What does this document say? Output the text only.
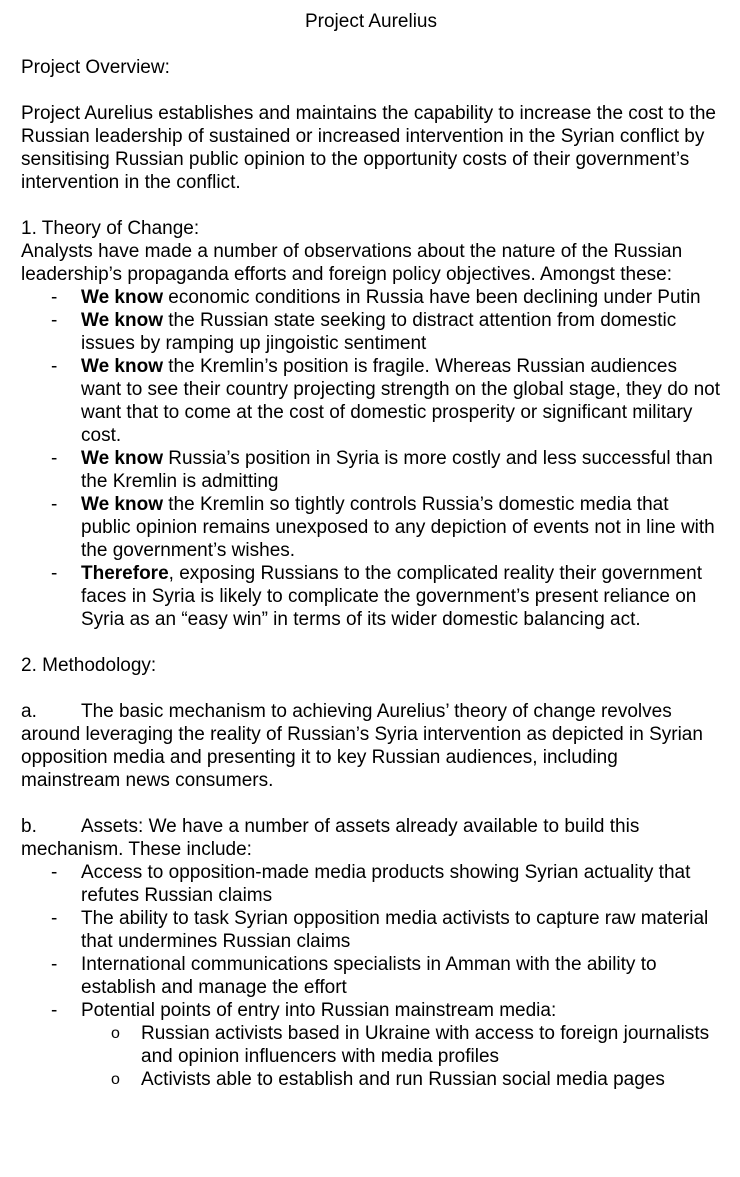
Project Aurelius

Project Overview:

Project Aurelius establishes and maintains the capability to increase the cost to the Russian leadership of sustained or increased intervention in the Syrian conflict by sensitising Russian public opinion to the opportunity costs of their government’s intervention in the conflict.

1. Theory of Change:

Analysts have made a number of observations about the nature of the Russian leadership’s propaganda efforts and foreign policy objectives. Amongst these:

- We know economic conditions in Russia have been declining under Putin
- We know the Russian state seeking to distract attention from domestic issues by ramping up jingoistic sentiment
- We know the Kremlin’s position is fragile. Whereas Russian audiences want to see their country projecting strength on the global stage, they do not want that to come at the cost of domestic prosperity or significant military cost.
- We know Russia’s position in Syria is more costly and less successful than the Kremlin is admitting
- We know the Kremlin so tightly controls Russia’s domestic media that public opinion remains unexposed to any depiction of events not in line with the government’s wishes.
- Therefore, exposing Russians to the complicated reality their government faces in Syria is likely to complicate the government’s present reliance on Syria as an “easy win” in terms of its wider domestic balancing act.

2. Methodology:

a. The basic mechanism to achieving Aurelius’ theory of change revolves around leveraging the reality of Russian’s Syria intervention as depicted in Syrian opposition media and presenting it to key Russian audiences, including mainstream news consumers.

b. Assets: We have a number of assets already available to build this mechanism. These include:

- Access to opposition-made media products showing Syrian actuality that refutes Russian claims
- The ability to task Syrian opposition media activists to capture raw material that undermines Russian claims
- International communications specialists in Amman with the ability to establish and manage the effort
- Potential points of entry into Russian mainstream media:
o Russian activists based in Ukraine with access to foreign journalists and opinion influencers with media profiles
o Activists able to establish and run Russian social media pages
